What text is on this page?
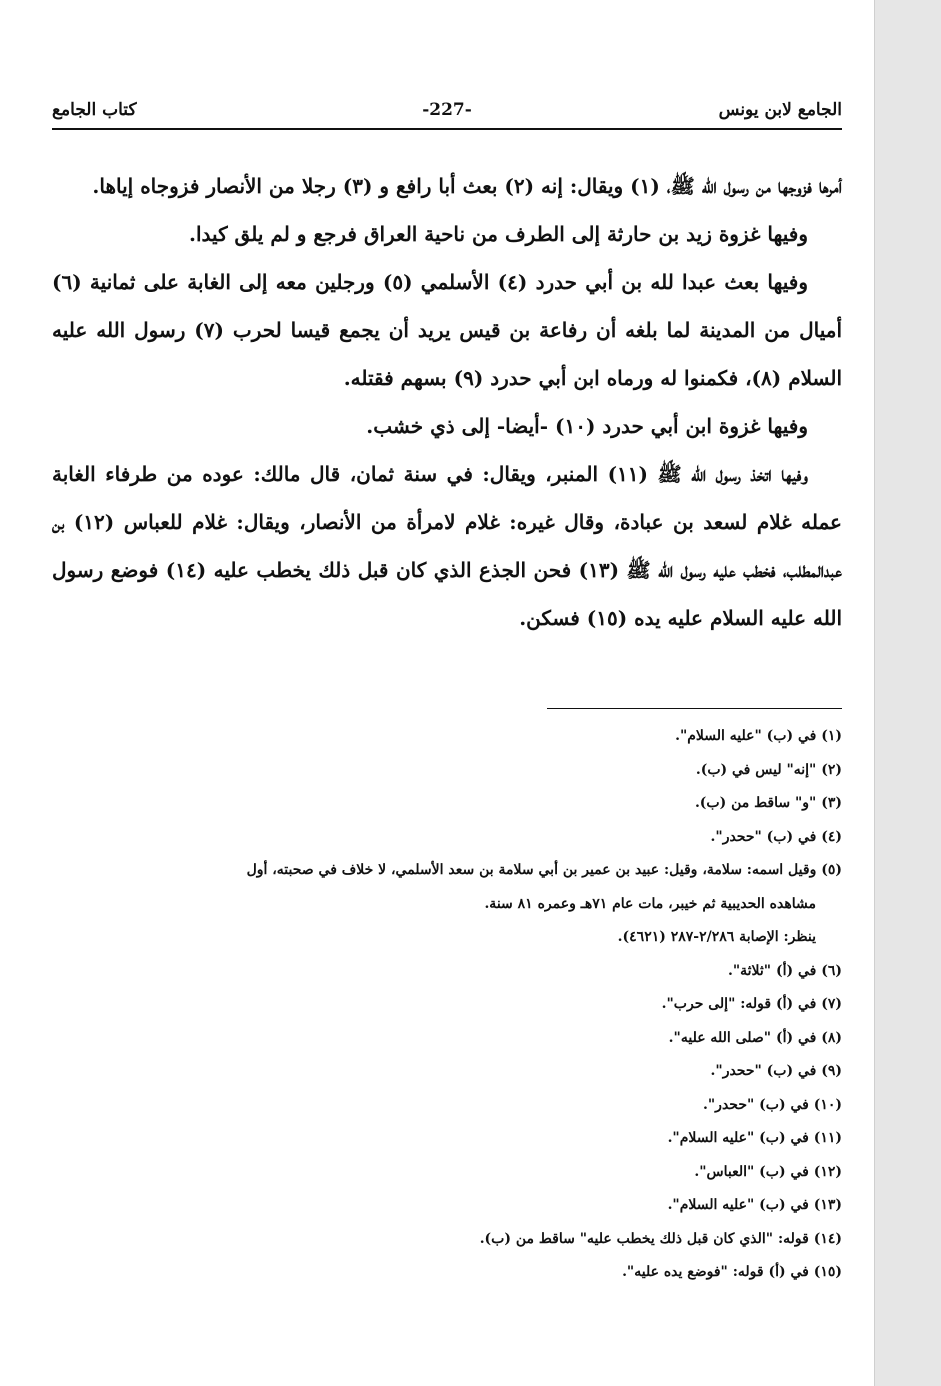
الجامع لابن يونس
-227-
كتاب الجامع

أمرها فزوجها من رسول الله ﷺ، (١) ويقال: إنه (٢) بعث أبا رافع و (٣) رجلا من الأنصار فزوجاه إياها.

وفيها غزوة زيد بن حارثة إلى الطرف من ناحية العراق فرجع و لم يلق كيدا.

وفيها بعث عبدا لله بن أبي حدرد (٤) الأسلمي (٥) ورجلين معه إلى الغابة على ثمانية (٦) أميال من المدينة لما بلغه أن رفاعة بن قيس يريد أن يجمع قيسا لحرب (٧) رسول الله عليه السلام (٨)، فكمنوا له ورماه ابن أبي حدرد (٩) بسهم فقتله.

وفيها غزوة ابن أبي حدرد (١٠) -أيضا- إلى ذي خشب.

وفيها اتخذ رسول الله ﷺ (١١) المنبر، ويقال: في سنة ثمان، قال مالك: عوده من طرفاء الغابة عمله غلام لسعد بن عبادة، وقال غيره: غلام لامرأة من الأنصار، ويقال: غلام للعباس (١٢) بن عبدالمطلب، فخطب عليه رسول الله ﷺ (١٣) فحن الجذع الذي كان قبل ذلك يخطب عليه (١٤) فوضع رسول الله عليه السلام عليه يده (١٥) فسكن.

(١) في (ب) "عليه السلام".

(٢) "إنه" ليس في (ب).

(٣) "و" ساقط من (ب).

(٤) في (ب) "ححدر".

(٥) وقيل اسمه: سلامة، وقيل: عبيد بن عمير بن أبي سلامة بن سعد الأسلمي، لا خلاف في صحبته، أول

مشاهده الحديبية ثم خيبر، مات عام ٧١هـ وعمره ٨١ سنة.

ينظر: الإصابة ٢/٢٨٦-٢٨٧ (٤٦٢١).

(٦) في (أ) "ثلاثة".

(٧) في (أ) قوله: "إلى حرب".

(٨) في (أ) "صلى الله عليه".

(٩) في (ب) "ححدر".

(١٠) في (ب) "ححدر".

(١١) في (ب) "عليه السلام".

(١٢) في (ب) "العباس".

(١٣) في (ب) "عليه السلام".

(١٤) قوله: "الذي كان قبل ذلك يخطب عليه" ساقط من (ب).

(١٥) في (أ) قوله: "فوضع يده عليه".
